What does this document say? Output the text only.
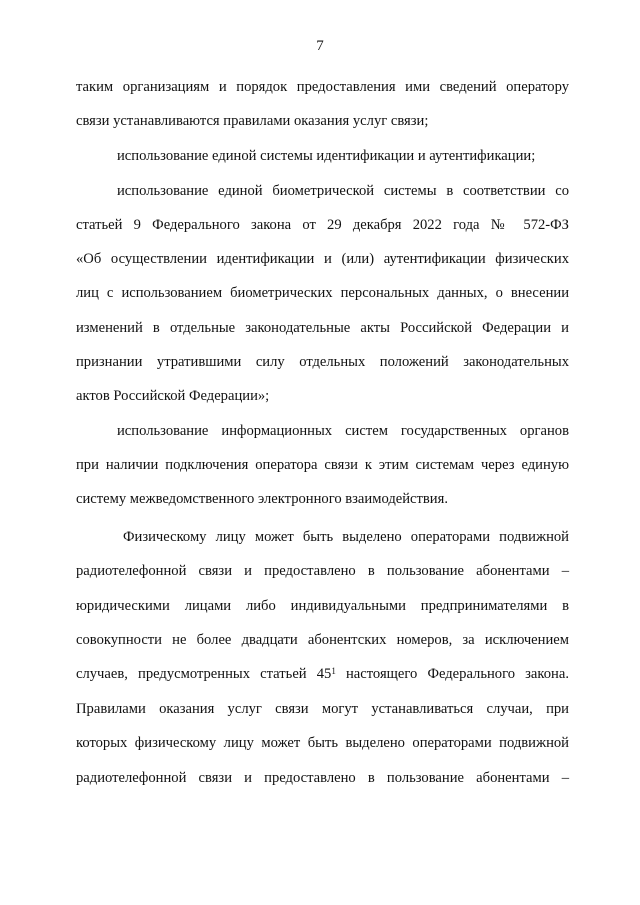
7
таким организациям и порядок предоставления ими сведений оператору
связи устанавливаются правилами оказания услуг связи;
использование единой системы идентификации и аутентификации;
использование единой биометрической системы в соответствии со
статьей 9 Федерального закона от 29 декабря 2022 года № 572-ФЗ
«Об осуществлении идентификации и (или) аутентификации физических
лиц с использованием биометрических персональных данных, о внесении
изменений в отдельные законодательные акты Российской Федерации и
признании утратившими силу отдельных положений законодательных
актов Российской Федерации»;
использование информационных систем государственных органов
при наличии подключения оператора связи к этим системам через единую
систему межведомственного электронного взаимодействия.
Физическому лицу может быть выделено операторами подвижной
радиотелефонной связи и предоставлено в пользование абонентами –
юридическими лицами либо индивидуальными предпринимателями в
совокупности не более двадцати абонентских номеров, за исключением
случаев, предусмотренных статьей $45^1$ настоящего Федерального закона.
Правилами оказания услуг связи могут устанавливаться случаи, при
которых физическому лицу может быть выделено операторами подвижной
радиотелефонной связи и предоставлено в пользование абонентами –
